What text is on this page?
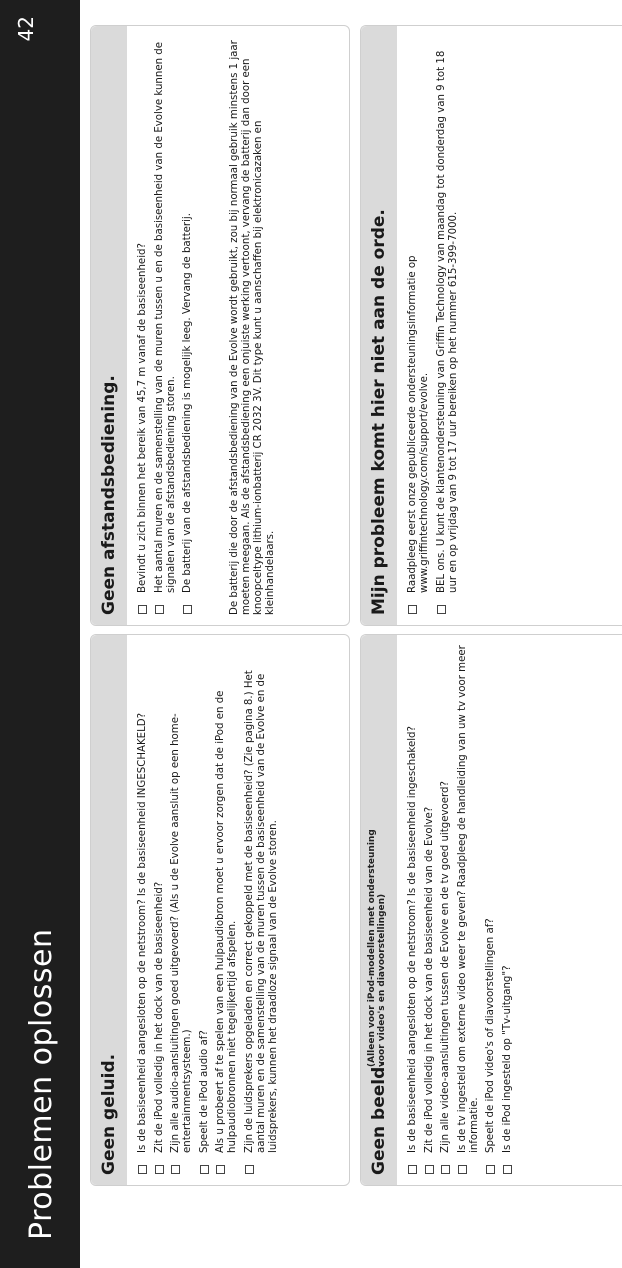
Problemen oplossen
42
Geen geluid. Is de basiseenheid aangesloten op de netstroom? Is de basiseenheid INGESCHAKELD? Zit de iPod volledig in het dock van de basiseenheid? Zijn alle audio-aansluitingen goed uitgevoerd? (Als u de Evolve aansluit op een home-entertainmentsysteem.) Speelt de iPod audio af? Als u probeert af te spelen van een hulpaudiobron moet u ervoor zorgen dat de iPod en de hulpaudiobronnen niet tegelijkertijd afspelen. Zijn de luidsprekers opgeladen en correct gekoppeld met de basiseenheid? (Zie pagina 8.) Het aantal muren en de samenstelling van de muren tussen de basiseenheid van de Evolve en de luidsprekers, kunnen het draadloze signaal van de Evolve storen.
Geen afstandsbediening. Bevindt u zich binnen het bereik van 45,7 m vanaf de basiseenheid? Het aantal muren en de samenstelling van de muren tussen u en de basiseenheid van de Evolve kunnen de signalen van de afstandsbediening storen. De batterij van de afstandsbediening is mogelijk leeg. Vervang de batterij.	De batterij die door de afstandsbediening van de Evolve wordt gebruikt, zou bij normaal gebruik minstens 1 jaar moeten meegaan. Als de afstandsbediening een onjuiste werking vertoont, vervang de batterij dan door een knoopceltype lithium-ionbatterij CR 2032 3V. Dit type kunt u aanschaffen bij elektronicazaken en kleinhandelaars.
Geen beeld.
(Alleen voor iPod-modellen met ondersteuning voor video's en diavoorstellingen) Is de basiseenheid aangesloten op de netstroom? Is de basiseenheid ingeschakeld? Zit de iPod volledig in het dock van de basiseenheid van de Evolve? Zijn alle video-aansluitingen tussen de Evolve en de tv goed uitgevoerd? Is de tv ingesteld om externe video weer te geven? Raadpleeg de handleiding van uw tv voor meer informatie. Speelt de iPod video's of diavoorstellingen af? Is de iPod ingesteld op "Tv-uitgang"?
Mijn probleem komt hier niet aan de orde. Raadpleeg eerst onze gepubliceerde ondersteuningsinformatie op www.griffintechnology.com/support/evolve. BEL ons. U kunt de klantenondersteuning van Griffin Technology van maandag tot donderdag van 9 tot 18 uur en op vrijdag van 9 tot 17 uur bereiken op het nummer 615-399-7000.
